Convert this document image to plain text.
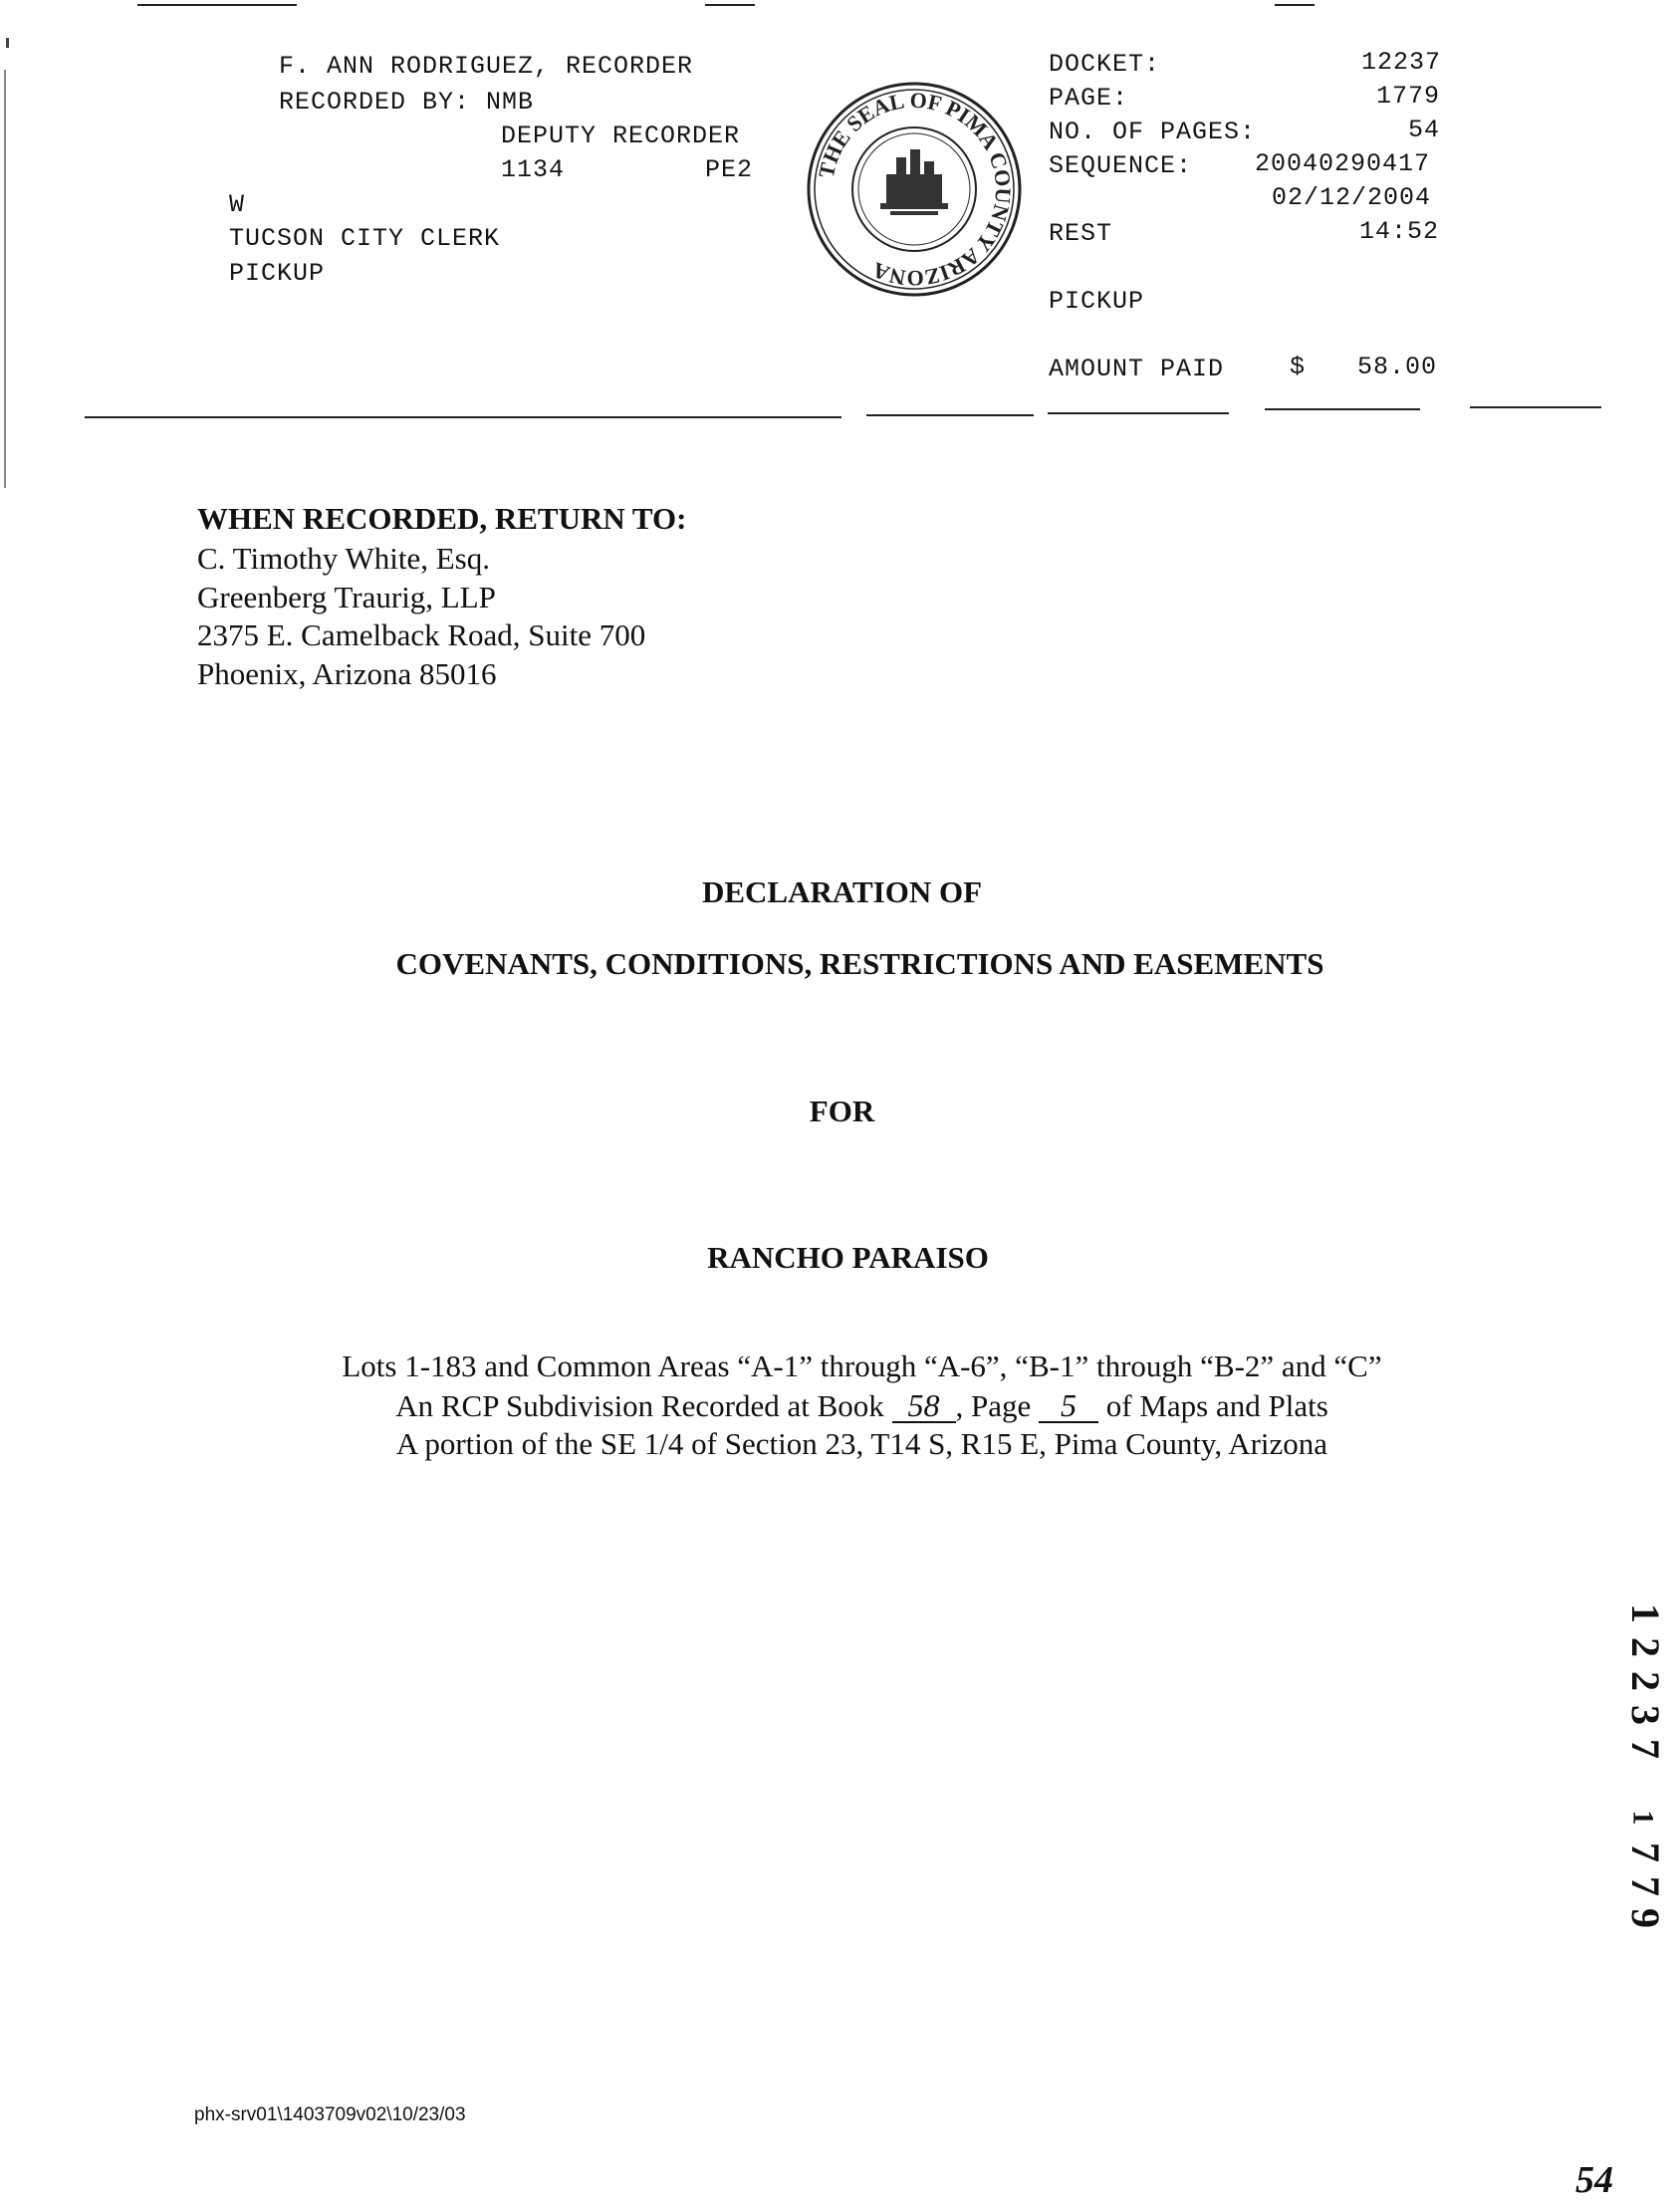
F. ANN RODRIGUEZ, RECORDER
RECORDED BY: NMB
DEPUTY RECORDER
1134	PE2
W
TUCSON CITY CLERK
PICKUP
THE SEAL OF PIMA COUNTY ARIZONA
DOCKET:	12237
PAGE:	1779
NO. OF PAGES:	54
SEQUENCE:	20040290417
02/12/2004
REST	14:52
PICKUP
AMOUNT PAID	$ 58.00
WHEN RECORDED, RETURN TO:
C. Timothy White, Esq.
Greenberg Traurig, LLP
2375 E. Camelback Road, Suite 700
Phoenix, Arizona 85016
DECLARATION OF
COVENANTS, CONDITIONS, RESTRICTIONS AND EASEMENTS
FOR
RANCHO PARAISO
Lots 1-183 and Common Areas “A-1” through “A-6”, “B-1” through “B-2” and “C”
An RCP Subdivision Recorded at Book 58 , Page 5 of Maps and Plats
A portion of the SE 1/4 of Section 23, T14 S, R15 E, Pima County, Arizona
1
2
2
3
7
1
7
7
9
phx-srv01\1403709v02\10/23/03
54
